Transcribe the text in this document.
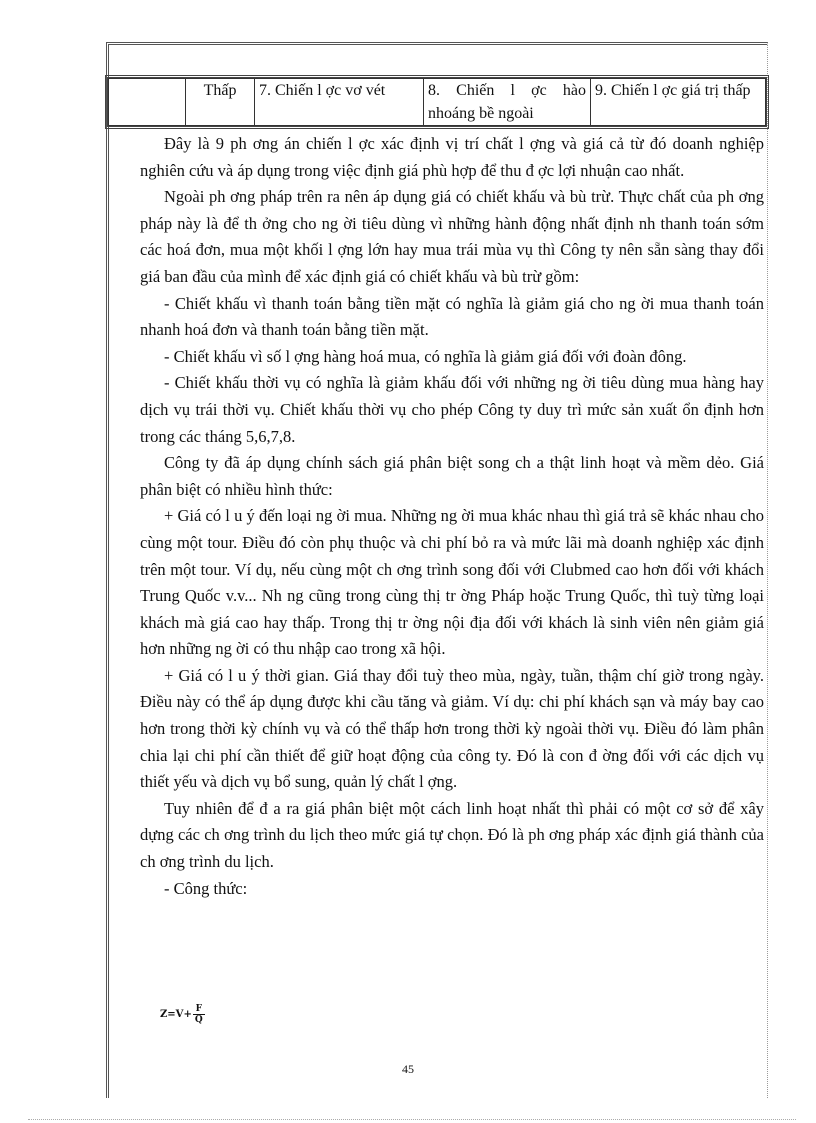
	Thấp	7. Chiến l ợc vơ vét	8. Chiến l ợc hào nhoáng bề ngoài	9. Chiến l ợc giá trị thấp

Đây là 9 ph ơng án chiến l ợc xác định vị trí chất l ợng và giá cả từ đó doanh nghiệp nghiên cứu và áp dụng trong việc định giá phù hợp để thu đ ợc lợi nhuận cao nhất.

Ngoài ph ơng pháp trên ra nên áp dụng giá có chiết khấu và bù trừ. Thực chất của ph ơng pháp này là để th ởng cho ng ời tiêu dùng vì những hành động nhất định nh thanh toán sớm các hoá đơn, mua một khối l ợng lớn hay mua trái mùa vụ thì Công ty nên sẵn sàng thay đổi giá ban đầu của mình để xác định giá có chiết khấu và bù trừ gồm:

- Chiết khấu vì thanh toán bằng tiền mặt có nghĩa là giảm giá cho ng ời mua thanh toán nhanh hoá đơn và thanh toán bằng tiền mặt.

- Chiết khấu vì số l ợng hàng hoá mua, có nghĩa là giảm giá đối với đoàn đông.

- Chiết khấu thời vụ có nghĩa là giảm khấu đối với những ng ời tiêu dùng mua hàng hay dịch vụ trái thời vụ. Chiết khấu thời vụ cho phép Công ty duy trì mức sản xuất ổn định hơn trong các tháng 5,6,7,8.

Công ty đã áp dụng chính sách giá phân biệt song ch a thật linh hoạt và mềm dẻo. Giá phân biệt có nhiều hình thức:

+ Giá có l u ý đến loại ng ời mua. Những ng ời mua khác nhau thì giá trả sẽ khác nhau cho cùng một tour. Điều đó còn phụ thuộc và chi phí bỏ ra và mức lãi mà doanh nghiệp xác định trên một tour. Ví dụ, nếu cùng một ch ơng trình song đối với Clubmed cao hơn đối với khách Trung Quốc v.v... Nh ng cũng trong cùng thị tr ờng Pháp hoặc Trung Quốc, thì tuỳ từng loại khách mà giá cao hay thấp. Trong thị tr ờng nội địa đối với khách là sinh viên nên giảm giá hơn những ng ời có thu nhập cao trong xã hội.

+ Giá có l u ý thời gian. Giá thay đổi tuỳ theo mùa, ngày, tuần, thậm chí giờ trong ngày. Điều này có thể áp dụng được khi cầu tăng và giảm. Ví dụ: chi phí khách sạn và máy bay cao hơn trong thời kỳ chính vụ và có thể thấp hơn trong thời kỳ ngoài thời vụ. Điều đó làm phân chia lại chi phí cần thiết để giữ hoạt động của công ty. Đó là con đ ờng đối với các dịch vụ thiết yếu và dịch vụ bổ sung, quản lý chất l ợng.

Tuy nhiên để đ a ra giá phân biệt một cách linh hoạt nhất thì phải có một cơ sở để xây dựng các ch ơng trình du lịch theo mức giá tự chọn. Đó là ph ơng pháp xác định giá thành của ch ơng trình du lịch.

- Công thức:

$Z=V+ \frac{F}{Q}$
45
